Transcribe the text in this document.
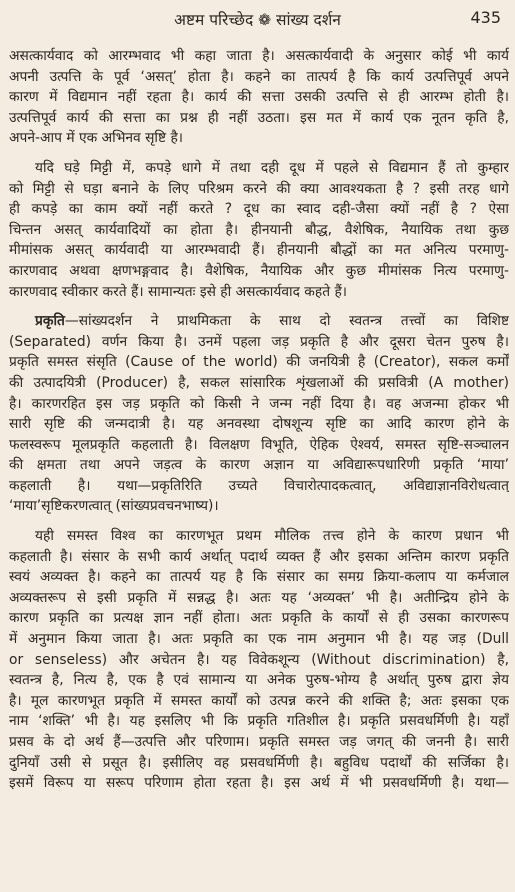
अष्टम परिच्छेद ❁ सांख्य दर्शन	435
असत्कार्यवाद को आरम्भवाद भी कहा जाता है। असत्कार्यवादी के अनुसार कोई भी कार्य
अपनी उत्पत्ति के पूर्व ‘असत्’ होता है। कहने का तात्पर्य है कि कार्य उत्पत्तिपूर्व अपने
कारण में विद्यमान नहीं रहता है। कार्य की सत्ता उसकी उत्पत्ति से ही आरम्भ होती है।
उत्पत्तिपूर्व कार्य की सत्ता का प्रश्न ही नहीं उठता। इस मत में कार्य एक नूतन कृति है,
अपने-आप में एक अभिनव सृष्टि है।
यदि घड़े मिट्टी में, कपड़े धागे में तथा दही दूध में पहले से विद्यमान हैं तो कुम्हार
को मिट्टी से घड़ा बनाने के लिए परिश्रम करने की क्या आवश्यकता है ? इसी तरह धागे
ही कपड़े का काम क्यों नहीं करते ? दूध का स्वाद दही-जैसा क्यों नहीं है ? ऐसा
चिन्तन असत् कार्यवादियों का होता है। हीनयानी बौद्ध, वैशेषिक, नैयायिक तथा कुछ
मीमांसक असत् कार्यवादी या आरम्भवादी हैं। हीनयानी बौद्धों का मत अनित्य परमाणु-
कारणवाद अथवा क्षणभङ्गवाद है। वैशेषिक, नैयायिक और कुछ मीमांसक नित्य परमाणु-
कारणवाद स्वीकार करते हैं। सामान्यतः इसे ही असत्कार्यवाद कहते हैं।
प्रकृति—सांख्यदर्शन ने प्राथमिकता के साथ दो स्वतन्त्र तत्त्वों का विशिष्ट
(Separated) वर्णन किया है। उनमें पहला जड़ प्रकृति है और दूसरा चेतन पुरुष है।
प्रकृति समस्त संसृति (Cause of the world) की जनयित्री है (Creator), सकल कर्मों
की उत्पादयित्री (Producer) है, सकल सांसारिक शृंखलाओं की प्रसवित्री (A mother)
है। कारणरहित इस जड़ प्रकृति को किसी ने जन्म नहीं दिया है। वह अजन्मा होकर भी
सारी सृष्टि की जन्मदात्री है। यह अनवस्था दोषशून्य सृष्टि का आदि कारण होने के
फलस्वरूप मूलप्रकृति कहलाती है। विलक्षण विभूति, ऐहिक ऐश्वर्य, समस्त सृष्टि-सञ्चालन
की क्षमता तथा अपने जड़त्व के कारण अज्ञान या अविद्यारूपधारिणी प्रकृति ‘माया’
कहलाती है। यथा—प्रकृतिरिति उच्यते विचारोत्पादकत्वात्, अविद्याज्ञानविरोधत्वात्
‘माया’सृष्टिकरणत्वात् (सांख्यप्रवचनभाष्य)।
यही समस्त विश्व का कारणभूत प्रथम मौलिक तत्त्व होने के कारण प्रधान भी
कहलाती है। संसार के सभी कार्य अर्थात् पदार्थ व्यक्त हैं और इसका अन्तिम कारण प्रकृति
स्वयं अव्यक्त है। कहने का तात्पर्य यह है कि संसार का समग्र क्रिया-कलाप या कर्मजाल
अव्यक्तरूप से इसी प्रकृति में सन्नद्ध है। अतः यह ‘अव्यक्त’ भी है। अतीन्द्रिय होने के
कारण प्रकृति का प्रत्यक्ष ज्ञान नहीं होता। अतः प्रकृति के कार्यों से ही उसका कारणरूप
में अनुमान किया जाता है। अतः प्रकृति का एक नाम अनुमान भी है। यह जड़ (Dull
or senseless) और अचेतन है। यह विवेकशून्य (Without discrimination) है,
स्वतन्त्र है, नित्य है, एक है एवं सामान्य या अनेक पुरुष-भोग्य है अर्थात् पुरुष द्वारा ज्ञेय
है। मूल कारणभूत प्रकृति में समस्त कार्यों को उत्पन्न करने की शक्ति है; अतः इसका एक
नाम ‘शक्ति’ भी है। यह इसलिए भी कि प्रकृति गतिशील है। प्रकृति प्रसवधर्मिणी है। यहाँ
प्रसव के दो अर्थ हैं—उत्पत्ति और परिणाम। प्रकृति समस्त जड़ जगत् की जननी है। सारी
दुनियाँ उसी से प्रसूत है। इसीलिए वह प्रसवधर्मिणी है। बहुविध पदार्थों की सर्जिका है।
इसमें विरूप या सरूप परिणाम होता रहता है। इस अर्थ में भी प्रसवधर्मिणी है। यथा—
